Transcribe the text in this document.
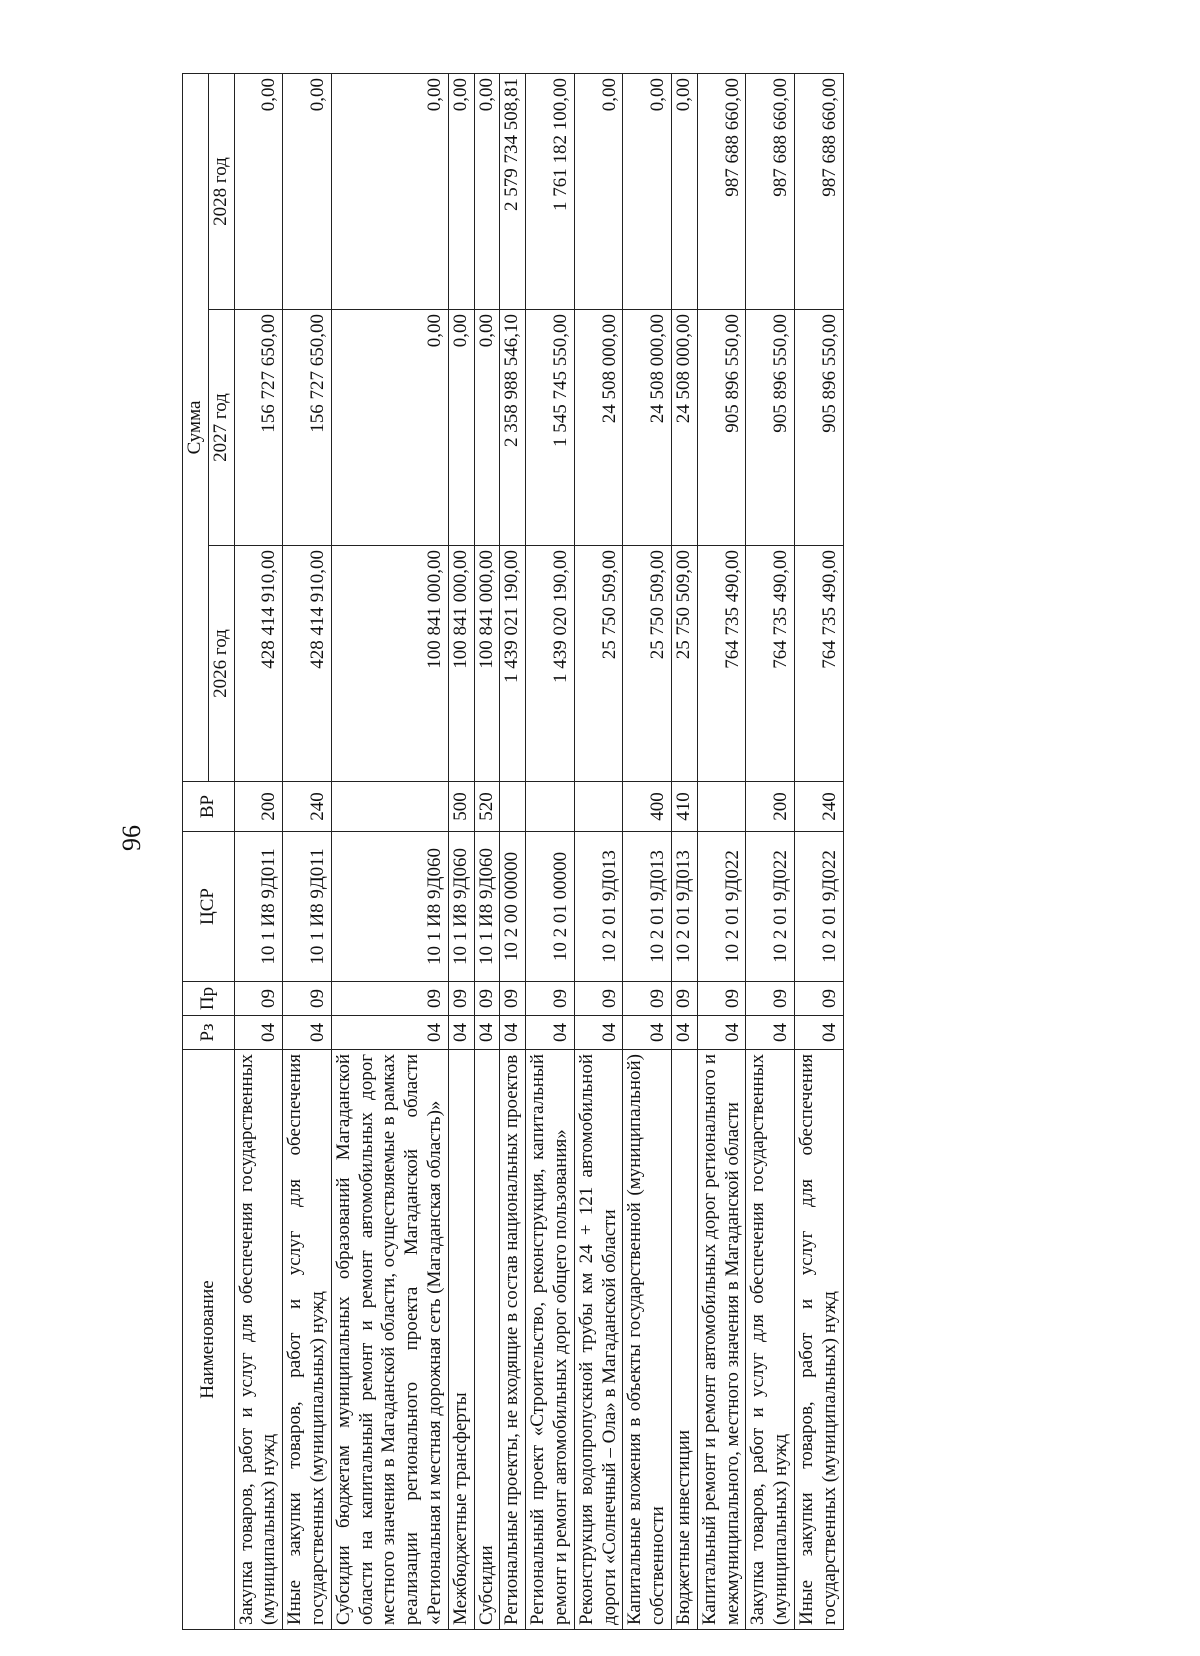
96
Наименование	Рз	Пр	ЦСР	ВР	Сумма		
					2026 год	2027 год	2028 год
Закупка товаров, работ и услуг для обеспечения государственных (муниципальных) нужд	04	09	10 1 И8 9Д011	200	428 414 910,00	156 727 650,00	0,00
Иные закупки товаров, работ и услуг для обеспечения государственных (муниципальных) нужд	04	09	10 1 И8 9Д011	240	428 414 910,00	156 727 650,00	0,00
Субсидии бюджетам муниципальных образований Магаданской области на капитальный ремонт и ремонт автомобильных дорог местного значения в Магаданской области, осуществляемые в рамках реализации регионального проекта Магаданской области «Региональная и местная дорожная сеть (Магаданская область)»	04	09	10 1 И8 9Д060		100 841 000,00	0,00	0,00
Межбюджетные трансферты	04	09	10 1 И8 9Д060	500	100 841 000,00	0,00	0,00
Субсидии	04	09	10 1 И8 9Д060	520	100 841 000,00	0,00	0,00
Региональные проекты, не входящие в состав национальных проектов	04	09	10 2 00 00000		1 439 021 190,00	2 358 988 546,10	2 579 734 508,81
Региональный проект «Строительство, реконструкция, капитальный ремонт и ремонт автомобильных дорог общего пользования»	04	09	10 2 01 00000		1 439 020 190,00	1 545 745 550,00	1 761 182 100,00
Реконструкция водопропускной трубы км 24 + 121 автомобильной дороги «Солнечный – Ола» в Магаданской области	04	09	10 2 01 9Д013		25 750 509,00	24 508 000,00	0,00
Капитальные вложения в объекты государственной (муниципальной) собственности	04	09	10 2 01 9Д013	400	25 750 509,00	24 508 000,00	0,00
Бюджетные инвестиции	04	09	10 2 01 9Д013	410	25 750 509,00	24 508 000,00	0,00
Капитальный ремонт и ремонт автомобильных дорог регионального и межмуниципального, местного значения в Магаданской области	04	09	10 2 01 9Д022		764 735 490,00	905 896 550,00	987 688 660,00
Закупка товаров, работ и услуг для обеспечения государственных (муниципальных) нужд	04	09	10 2 01 9Д022	200	764 735 490,00	905 896 550,00	987 688 660,00
Иные закупки товаров, работ и услуг для обеспечения государственных (муниципальных) нужд	04	09	10 2 01 9Д022	240	764 735 490,00	905 896 550,00	987 688 660,00
